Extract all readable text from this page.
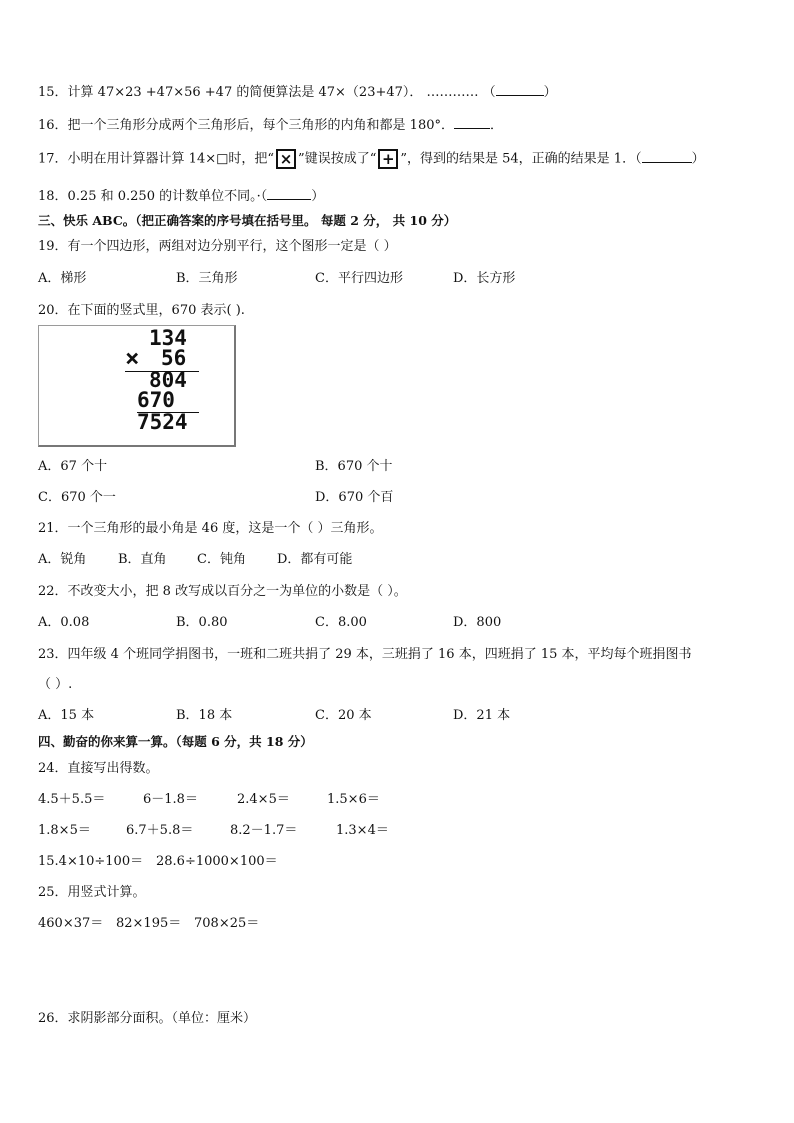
15．计算 47×23 +47×56 +47 的简便算法是 47×（23+47）． ………… （	）
16．把一个三角形分成两个三角形后，每个三角形的内角和都是 180°．	．
17．小明在用计算器计算 14×□时，把“ × ”键误按成了“ + ”，得到的结果是 54，正确的结果是 1．（	）
18．0.25 和 0.250 的计数单位不同。·（	）
三、快乐 ABC。（把正确答案的序号填在括号里。 每题 2 分， 共 10 分）
19．有一个四边形，两组对边分别平行，这个图形一定是（ ）
A．梯形	B．三角形	C．平行四边形	D．长方形
20．在下面的竖式里，670 表示( ).
134
× 56
804
670
7524
A．67 个十	B．670 个十
C．670 个一	D．670 个百
21．一个三角形的最小角是 46 度，这是一个（ ）三角形。
A．锐角 B．直角 C．钝角 D．都有可能
22．不改变大小，把 8 改写成以百分之一为单位的小数是（ ）。
A．0.08	B．0.80	C．8.00	D．800
23．四年级 4 个班同学捐图书，一班和二班共捐了 29 本，三班捐了 16 本，四班捐了 15 本，平均每个班捐图书
（ ）.
A．15 本	B．18 本	C．20 本	D．21 本
四、勤奋的你来算一算。（每题 6 分，共 18 分）
24．直接写出得数。
4.5＋5.5＝	6－1.8＝	2.4×5＝	1.5×6＝
1.8×5＝	6.7＋5.8＝	8.2－1.7＝	1.3×4＝
15.4×10÷100＝ 28.6÷1000×100＝
25．用竖式计算。
460×37＝ 82×195＝ 708×25＝
26．求阴影部分面积。（单位：厘米）
